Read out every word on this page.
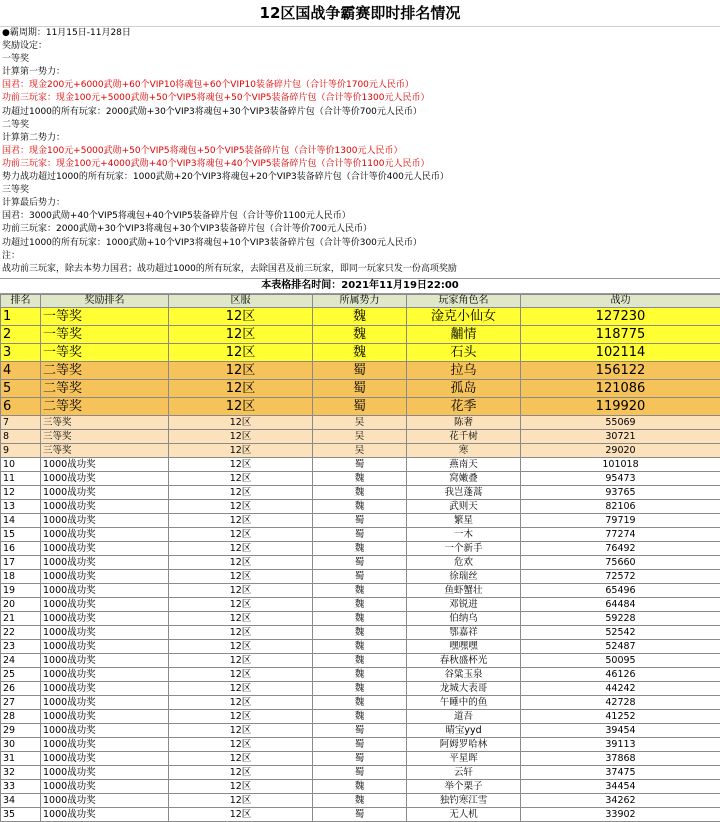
12区国战争霸赛即时排名情况
●霸周期：11月15日-11月28日
奖励设定：
一等奖
计算第一势力：
国君：现金200元+6000武勋+60个VIP10将魂包+60个VIP10装备碎片包（合计等价1700元人民币）
功前三玩家：现金100元+5000武勋+50个VIP5将魂包+50个VIP5装备碎片包（合计等价1300元人民币）
功超过1000的所有玩家：2000武勋+30个VIP3将魂包+30个VIP3装备碎片包（合计等价700元人民币）
二等奖
计算第二势力：
国君：现金100元+5000武勋+50个VIP5将魂包+50个VIP5装备碎片包（合计等价1300元人民币）
功前三玩家：现金100元+4000武勋+40个VIP3将魂包+40个VIP5装备碎片包（合计等价1100元人民币）
势力战功超过1000的所有玩家：1000武勋+20个VIP3将魂包+20个VIP3装备碎片包（合计等价400元人民币）
三等奖
计算最后势力：
国君：3000武勋+40个VIP5将魂包+40个VIP5装备碎片包（合计等价1100元人民币）
功前三玩家：2000武勋+30个VIP3将魂包+30个VIP3装备碎片包（合计等价700元人民币）
功超过1000的所有玩家：1000武勋+10个VIP3将魂包+10个VIP3装备碎片包（合计等价300元人民币）
注：
战功前三玩家，除去本势力国君；战功超过1000的所有玩家，去除国君及前三玩家，即同一玩家只发一份高项奖励
本表格排名时间：2021年11月19日22:00
排名	奖励排名	区服	所属势力	玩家角色名	战功
1	一等奖	12区	魏	淦克小仙女	127230
2	一等奖	12区	魏	黼情	118775
3	一等奖	12区	魏	石头	102114
4	二等奖	12区	蜀	拉乌	156122
5	二等奖	12区	蜀	孤岛	121086
6	二等奖	12区	蜀	花季	119920
7	三等奖	12区	吴	陈奢	55069
8	三等奖	12区	吴	花千树	30721
9	三等奖	12区	吴	寒	29020
10	1000战功奖	12区	蜀	燕南天	101018
11	1000战功奖	12区	魏	窝嫩叠	95473
12	1000战功奖	12区	魏	我岂蓬蒿	93765
13	1000战功奖	12区	魏	武则天	82106
14	1000战功奖	12区	蜀	繁星	79719
15	1000战功奖	12区	蜀	一木	77274
16	1000战功奖	12区	魏	一个新手	76492
17	1000战功奖	12区	蜀	危欢	75660
18	1000战功奖	12区	蜀	徐瑞丝	72572
19	1000战功奖	12区	魏	鱼虾蟹壮	65496
20	1000战功奖	12区	魏	邓锐进	64484
21	1000战功奖	12区	魏	伯纳乌	59228
22	1000战功奖	12区	魏	鄂嘉祥	52542
23	1000战功奖	12区	魏	嘿嘿嘿	52487
24	1000战功奖	12区	魏	春秋盛杯光	50095
25	1000战功奖	12区	魏	谷粱玉泉	46126
26	1000战功奖	12区	魏	龙城大表哥	44242
27	1000战功奖	12区	魏	午睡中的鱼	42728
28	1000战功奖	12区	魏	道吾	41252
29	1000战功奖	12区	蜀	晴宝yyd	39454
30	1000战功奖	12区	蜀	阿姆罗哈林	39113
31	1000战功奖	12区	蜀	平星晖	37868
32	1000战功奖	12区	蜀	云轩	37475
33	1000战功奖	12区	魏	举个栗子	34454
34	1000战功奖	12区	魏	独钓寒江雪	34262
35	1000战功奖	12区	蜀	无人机	33902
